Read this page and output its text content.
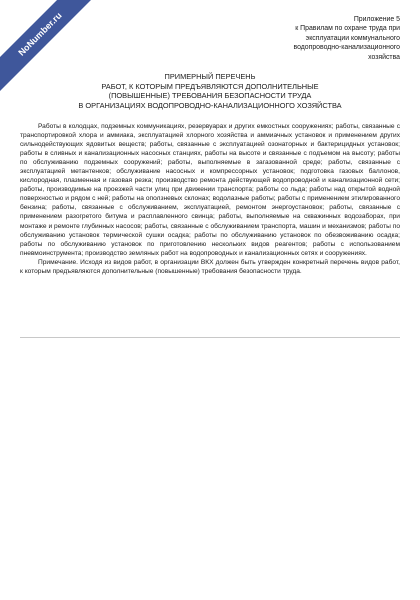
NoNumber.ru	Приложение 5
к Правилам по охране труда при
эксплуатации коммунального
водопроводно-канализационного
хозяйства
ПРИМЕРНЫЙ ПЕРЕЧЕНЬ
РАБОТ, К КОТОРЫМ ПРЕДЪЯВЛЯЮТСЯ ДОПОЛНИТЕЛЬНЫЕ
(ПОВЫШЕННЫЕ) ТРЕБОВАНИЯ БЕЗОПАСНОСТИ ТРУДА
В ОРГАНИЗАЦИЯХ ВОДОПРОВОДНО-КАНАЛИЗАЦИОННОГО ХОЗЯЙСТВА

Работы в колодцах, подземных коммуникациях, резервуарах и других емкостных сооружениях; работы, связанные с транспортировкой хлора и аммиака, эксплуатацией хлорного хозяйства и аммиачных установок и применением других сильнодействующих ядовитых веществ; работы, связанные с эксплуатацией озонаторных и бактерицидных установок; работы в сливных и канализационных насосных станциях, работы на высоте и связанные с подъемом на высоту; работы по обслуживанию подземных сооружений; работы, выполняемые в загазованной среде; работы, связанные с эксплуатацией метантенков; обслуживание насосных и компрессорных установок; подготовка газовых баллонов, кислородная, плазменная и газовая резка; производство ремонта действующей водопроводной и канализационной сети; работы, производимые на проезжей части улиц при движении транспорта; работы со льда; работы над открытой водной поверхностью и рядом с ней; работы на оползневых склонах; водолазные работы; работы с применением этилированного бензина; работы, связанные с обслуживанием, эксплуатацией, ремонтом энергоустановок; работы, связанные с применением разогретого битума и расплавленного свинца; работы, выполняемые на скважинных водозаборах, при монтаже и ремонте глубинных насосов; работы, связанные с обслуживанием транспорта, машин и механизмов; работы по обслуживанию установок термической сушки осадка; работы по обслуживанию установок по обезвоживанию осадка; работы по обслуживанию установок по приготовлению нескольких видов реагентов; работы с использованием пневмоинструмента; производство земляных работ на водопроводных и канализационных сетях и сооружениях.

Примечание. Исходя из видов работ, в организации ВКХ должен быть утвержден конкретный перечень видов работ, к которым предъявляются дополнительные (повышенные) требования безопасности труда.
